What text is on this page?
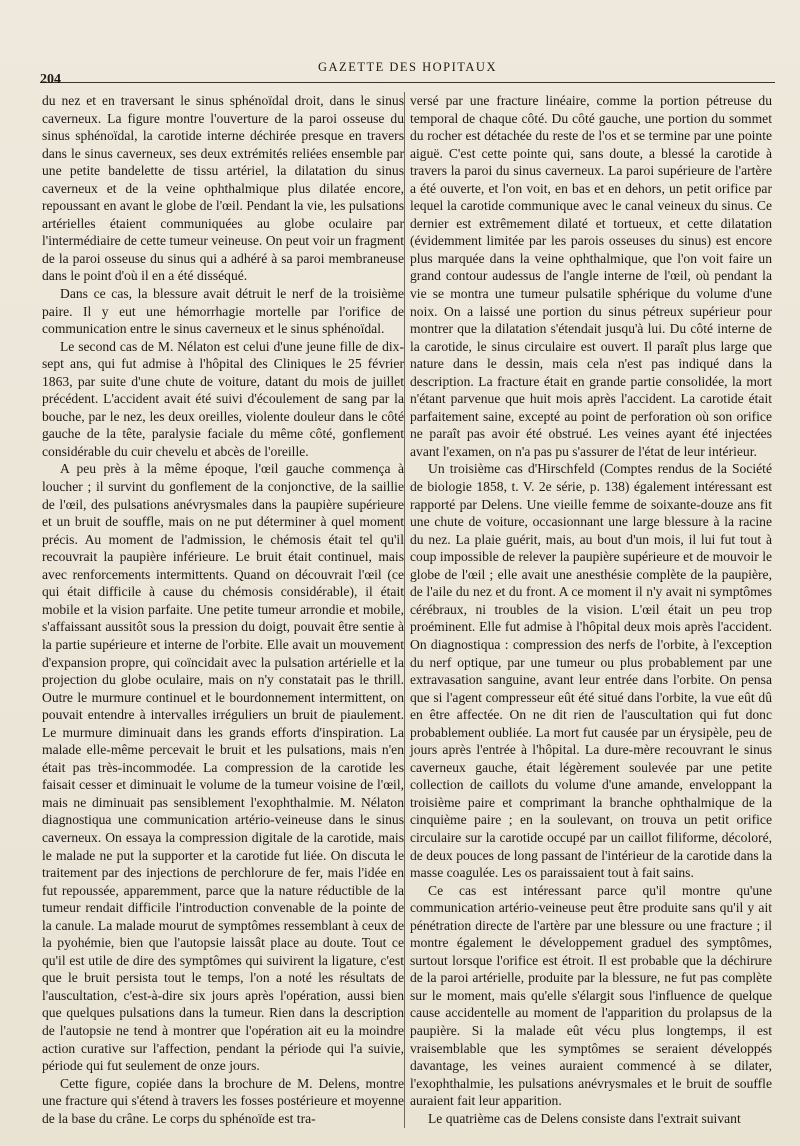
204
GAZETTE DES HOPITAUX

du nez et en traversant le sinus sphénoïdal droit, dans le sinus caverneux. La figure montre l'ouverture de la paroi osseuse du sinus sphénoïdal, la carotide interne déchirée presque en travers dans le sinus caverneux, ses deux extrémités reliées ensemble par une petite bandelette de tissu artériel, la dilatation du sinus caverneux et de la veine ophthalmique plus dilatée encore, repoussant en avant le globe de l'œil. Pendant la vie, les pulsations artérielles étaient communiquées au globe oculaire par l'intermédiaire de cette tumeur veineuse. On peut voir un fragment de la paroi osseuse du sinus qui a adhéré à sa paroi membraneuse dans le point d'où il en a été disséqué.

Dans ce cas, la blessure avait détruit le nerf de la troisième paire. Il y eut une hémorrhagie mortelle par l'orifice de communication entre le sinus caverneux et le sinus sphénoïdal.

Le second cas de M. Nélaton est celui d'une jeune fille de dix-sept ans, qui fut admise à l'hôpital des Cliniques le 25 février 1863, par suite d'une chute de voiture, datant du mois de juillet précédent. L'accident avait été suivi d'écoulement de sang par la bouche, par le nez, les deux oreilles, violente douleur dans le côté gauche de la tête, paralysie faciale du même côté, gonflement considérable du cuir chevelu et abcès de l'oreille.

A peu près à la même époque, l'œil gauche commença à loucher ; il survint du gonflement de la conjonctive, de la saillie de l'œil, des pulsations anévrysmales dans la paupière supérieure et un bruit de souffle, mais on ne put déterminer à quel moment précis. Au moment de l'admission, le chémosis était tel qu'il recouvrait la paupière inférieure. Le bruit était continuel, mais avec renforcements intermittents. Quand on découvrait l'œil (ce qui était difficile à cause du chémosis considérable), il était mobile et la vision parfaite. Une petite tumeur arrondie et mobile, s'affaissant aussitôt sous la pression du doigt, pouvait être sentie à la partie supérieure et interne de l'orbite. Elle avait un mouvement d'expansion propre, qui coïncidait avec la pulsation artérielle et la projection du globe oculaire, mais on n'y constatait pas le thrill. Outre le murmure continuel et le bourdonnement intermittent, on pouvait entendre à intervalles irréguliers un bruit de piaulement. Le murmure diminuait dans les grands efforts d'inspiration. La malade elle-même percevait le bruit et les pulsations, mais n'en était pas très-incommodée. La compression de la carotide les faisait cesser et diminuait le volume de la tumeur voisine de l'œil, mais ne diminuait pas sensiblement l'exophthalmie. M. Nélaton diagnostiqua une communication artério-veineuse dans le sinus caverneux. On essaya la compression digitale de la carotide, mais le malade ne put la supporter et la carotide fut liée. On discuta le traitement par des injections de perchlorure de fer, mais l'idée en fut repoussée, apparemment, parce que la nature réductible de la tumeur rendait difficile l'introduction convenable de la pointe de la canule. La malade mourut de symptômes ressemblant à ceux de la pyohémie, bien que l'autopsie laissât place au doute. Tout ce qu'il est utile de dire des symptômes qui suivirent la ligature, c'est que le bruit persista tout le temps, l'on a noté les résultats de l'auscultation, c'est-à-dire six jours après l'opération, aussi bien que quelques pulsations dans la tumeur. Rien dans la description de l'autopsie ne tend à montrer que l'opération ait eu la moindre action curative sur l'affection, pendant la période qui l'a suivie, période qui fut seulement de onze jours.

Cette figure, copiée dans la brochure de M. Delens, montre une fracture qui s'étend à travers les fosses postérieure et moyenne de la base du crâne. Le corps du sphénoïde est tra-

versé par une fracture linéaire, comme la portion pétreuse du temporal de chaque côté. Du côté gauche, une portion du sommet du rocher est détachée du reste de l'os et se termine par une pointe aiguë. C'est cette pointe qui, sans doute, a blessé la carotide à travers la paroi du sinus caverneux. La paroi supérieure de l'artère a été ouverte, et l'on voit, en bas et en dehors, un petit orifice par lequel la carotide communique avec le canal veineux du sinus. Ce dernier est extrêmement dilaté et tortueux, et cette dilatation (évidemment limitée par les parois osseuses du sinus) est encore plus marquée dans la veine ophthalmique, que l'on voit faire un grand contour audessus de l'angle interne de l'œil, où pendant la vie se montra une tumeur pulsatile sphérique du volume d'une noix. On a laissé une portion du sinus pétreux supérieur pour montrer que la dilatation s'étendait jusqu'à lui. Du côté interne de la carotide, le sinus circulaire est ouvert. Il paraît plus large que nature dans le dessin, mais cela n'est pas indiqué dans la description. La fracture était en grande partie consolidée, la mort n'étant parvenue que huit mois après l'accident. La carotide était parfaitement saine, excepté au point de perforation où son orifice ne paraît pas avoir été obstrué. Les veines ayant été injectées avant l'examen, on n'a pas pu s'assurer de l'état de leur intérieur.

Un troisième cas d'Hirschfeld (Comptes rendus de la Société de biologie 1858, t. V. 2e série, p. 138) également intéressant est rapporté par Delens. Une vieille femme de soixante-douze ans fit une chute de voiture, occasionnant une large blessure à la racine du nez. La plaie guérit, mais, au bout d'un mois, il lui fut tout à coup impossible de relever la paupière supérieure et de mouvoir le globe de l'œil ; elle avait une anesthésie complète de la paupière, de l'aile du nez et du front. A ce moment il n'y avait ni symptômes cérébraux, ni troubles de la vision. L'œil était un peu trop proéminent. Elle fut admise à l'hôpital deux mois après l'accident. On diagnostiqua : compression des nerfs de l'orbite, à l'exception du nerf optique, par une tumeur ou plus probablement par une extravasation sanguine, avant leur entrée dans l'orbite. On pensa que si l'agent compresseur eût été situé dans l'orbite, la vue eût dû en être affectée. On ne dit rien de l'auscultation qui fut donc probablement oubliée. La mort fut causée par un érysipèle, peu de jours après l'entrée à l'hôpital. La dure-mère recouvrant le sinus caverneux gauche, était légèrement soulevée par une petite collection de caillots du volume d'une amande, enveloppant la troisième paire et comprimant la branche ophthalmique de la cinquième paire ; en la soulevant, on trouva un petit orifice circulaire sur la carotide occupé par un caillot filiforme, décoloré, de deux pouces de long passant de l'intérieur de la carotide dans la masse coagulée. Les os paraissaient tout à fait sains.

Ce cas est intéressant parce qu'il montre qu'une communication artério-veineuse peut être produite sans qu'il y ait pénétration directe de l'artère par une blessure ou une fracture ; il montre également le développement graduel des symptômes, surtout lorsque l'orifice est étroit. Il est probable que la déchirure de la paroi artérielle, produite par la blessure, ne fut pas complète sur le moment, mais qu'elle s'élargit sous l'influence de quelque cause accidentelle au moment de l'apparition du prolapsus de la paupière. Si la malade eût vécu plus longtemps, il est vraisemblable que les symptômes se seraient développés davantage, les veines auraient commencé à se dilater, l'exophthalmie, les pulsations anévrysmales et le bruit de souffle auraient fait leur apparition.

Le quatrième cas de Delens consiste dans l'extrait suivant
